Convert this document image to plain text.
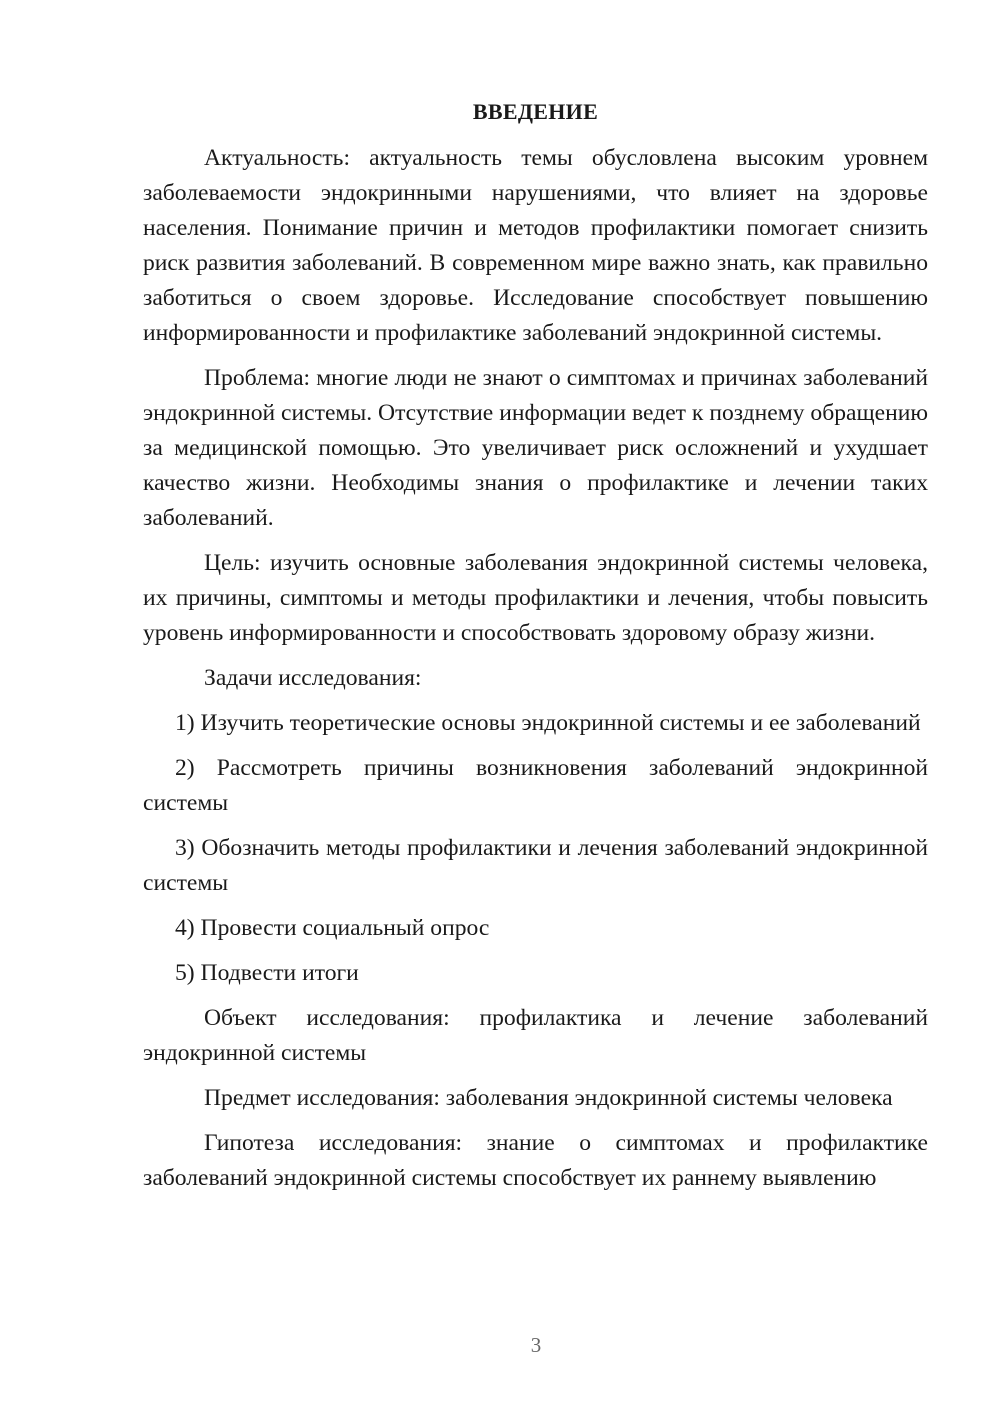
ВВЕДЕНИЕ

Актуальность: актуальность темы обусловлена высоким уровнем заболеваемости эндокринными нарушениями, что влияет на здоровье населения. Понимание причин и методов профилактики помогает снизить риск развития заболеваний. В современном мире важно знать, как правильно заботиться о своем здоровье. Исследование способствует повышению информированности и профилактике заболеваний эндокринной системы.

Проблема: многие люди не знают о симптомах и причинах заболеваний эндокринной системы. Отсутствие информации ведет к позднему обращению за медицинской помощью. Это увеличивает риск осложнений и ухудшает качество жизни. Необходимы знания о профилактике и лечении таких заболеваний.

Цель: изучить основные заболевания эндокринной системы человека, их причины, симптомы и методы профилактики и лечения, чтобы повысить уровень информированности и способствовать здоровому образу жизни.

Задачи исследования:

1) Изучить теоретические основы эндокринной системы и ее заболеваний

2) Рассмотреть причины возникновения заболеваний эндокринной системы

3) Обозначить методы профилактики и лечения заболеваний эндокринной системы

4) Провести социальный опрос

5) Подвести итоги

Объект исследования: профилактика и лечение заболеваний эндокринной системы

Предмет исследования: заболевания эндокринной системы человека

Гипотеза исследования: знание о симптомах и профилактике заболеваний эндокринной системы способствует их раннему выявлению

3
